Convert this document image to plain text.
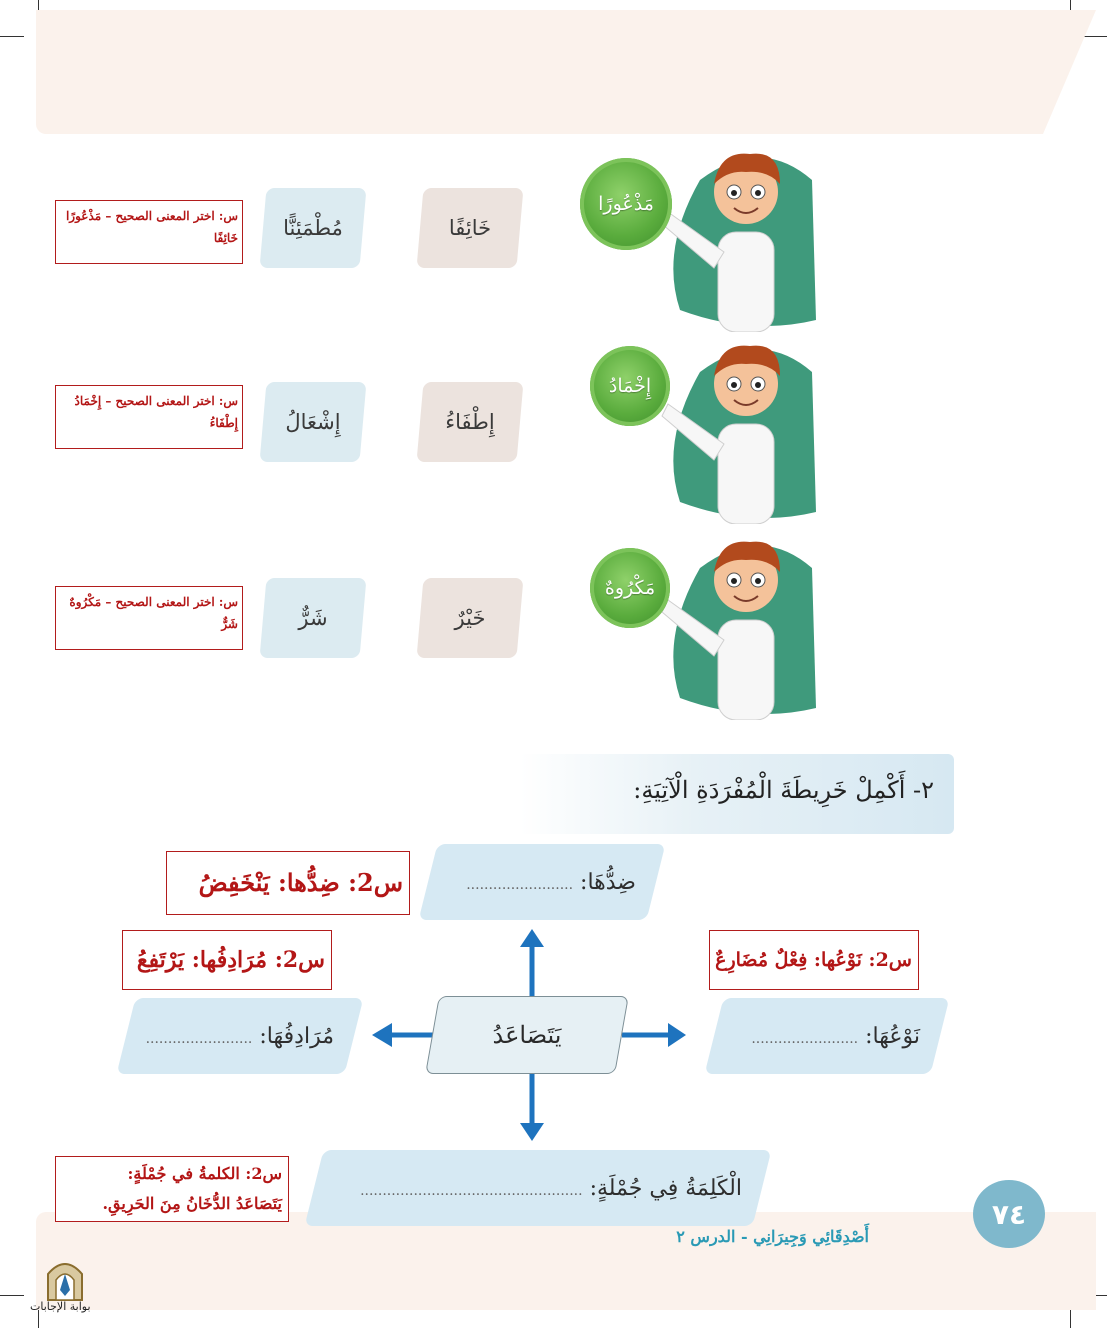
مَذْعُورًا
خَائِفًا
مُطْمَئِنًّا
س: اختر المعنى الصحيح – مَذْعُورًا
خَائِفًا
إِخْمَادُ
إِطْفَاءُ
إِشْعَالُ
س: اختر المعنى الصحيح – إِخْمَادُ
إِطْفَاءُ
مَكْرُوهٌ
خَيْرٌ
شَرٌّ
س: اختر المعنى الصحيح – مَكْرُوهٌ
شَرٌّ
٢- أَكْمِلْ خَرِيطَةَ الْمُفْرَدَةِ الْآتِيَةِ:
يَتَصَاعَدُ
ضِدُّهَا: ........................
مُرَادِفُهَا: ........................	نَوْعُهَا: ........................
الْكَلِمَةُ فِي جُمْلَةٍ: ..................................................
س2: ضِدُّها: يَنْخَفِضُ
س2: مُرَادِفُها: يَرْتَفِعُ	س2: نَوْعُها: فِعْلٌ مُضَارِعٌ
س2: الكلمةُ في جُمْلَةٍ:
يَتَصَاعَدُ الدُّخَانُ مِنَ الحَرِيقِ.	٧٤
أَصْدِقَائِي وَجِيرَانِي - الدرس ٢
بوابة الإجابات
